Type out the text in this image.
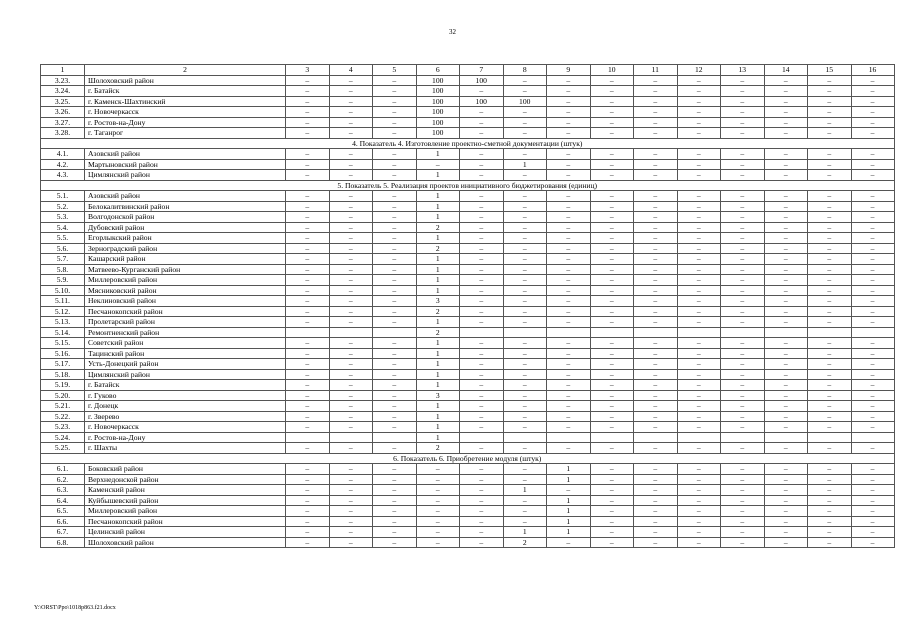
32
1	2	3	4	5	6	7	8	9	10	11	12	13	14	15	16
3.23.	Шолоховский район	–	–	–	100	100	–	–	–	–	–	–	–	–	–
3.24.	г. Батайск	–	–	–	100	–	–	–	–	–	–	–	–	–	–
3.25.	г. Каменск-Шахтинский	–	–	–	100	100	100	–	–	–	–	–	–	–	–
3.26.	г. Новочеркасск	–	–	–	100	–	–	–	–	–	–	–	–	–	–
3.27.	г. Ростов-на-Дону	–	–	–	100	–	–	–	–	–	–	–	–	–	–
3.28.	г. Таганрог	–	–	–	100	–	–	–	–	–	–	–	–	–	–
4. Показатель 4. Изготовление проектно-сметной документации (штук)															
4.1.	Азовский район	–	–	–	1	–	–	–	–	–	–	–	–	–	–
4.2.	Мартыновский район	–	–	–	–	–	1	–	–	–	–	–	–	–	–
4.3.	Цимлянский район	–	–	–	1	–	–	–	–	–	–	–	–	–	–
5. Показатель 5. Реализация проектов инициативного бюджетирования (единиц)															
5.1.	Азовский район	–	–	–	1	–	–	–	–	–	–	–	–	–	–
5.2.	Белокалитвинский район	–	–	–	1	–	–	–	–	–	–	–	–	–	–
5.3.	Волгодонской район	–	–	–	1	–	–	–	–	–	–	–	–	–	–
5.4.	Дубовский район	–	–	–	2	–	–	–	–	–	–	–	–	–	–
5.5.	Егорлыкский район	–	–	–	1	–	–	–	–	–	–	–	–	–	–
5.6.	Зерноградский район	–	–	–	2	–	–	–	–	–	–	–	–	–	–
5.7.	Кашарский район	–	–	–	1	–	–	–	–	–	–	–	–	–	–
5.8.	Матвеево-Курганский район	–	–	–	1	–	–	–	–	–	–	–	–	–	–
5.9.	Миллеровский район	–	–	–	1	–	–	–	–	–	–	–	–	–	–
5.10.	Мясниковский район	–	–	–	1	–	–	–	–	–	–	–	–	–	–
5.11.	Неклиновский район	–	–	–	3	–	–	–	–	–	–	–	–	–	–
5.12.	Песчанокопский район	–	–	–	2	–	–	–	–	–	–	–	–	–	–
5.13.	Пролетарский район	–	–	–	1	–	–	–	–	–	–	–	–	–	–
5.14.	Ремонтненский район				2										
5.15.	Советский район	–	–	–	1	–	–	–	–	–	–	–	–	–	–
5.16.	Тацинский район	–	–	–	1	–	–	–	–	–	–	–	–	–	–
5.17.	Усть-Донецкий район	–	–	–	1	–	–	–	–	–	–	–	–	–	–
5.18.	Цимлянский район	–	–	–	1	–	–	–	–	–	–	–	–	–	–
5.19.	г. Батайск	–	–	–	1	–	–	–	–	–	–	–	–	–	–
5.20.	г. Гуково	–	–	–	3	–	–	–	–	–	–	–	–	–	–
5.21.	г. Донецк	–	–	–	1	–	–	–	–	–	–	–	–	–	–
5.22.	г. Зверево	–	–	–	1	–	–	–	–	–	–	–	–	–	–
5.23.	г. Новочеркасск	–	–	–	1	–	–	–	–	–	–	–	–	–	–
5.24.	г. Ростов-на-Дону				1										
5.25.	г. Шахты	–	–	–	2	–	–	–	–	–	–	–	–	–	–
6. Показатель 6. Приобретение модуля (штук)															
6.1.	Боковский район	–	–	–	–	–	–	1	–	–	–	–	–	–	–
6.2.	Верхнедонской район	–	–	–	–	–	–	1	–	–	–	–	–	–	–
6.3.	Каменский район	–	–	–	–	–	1	–	–	–	–	–	–	–	–
6.4.	Куйбышевский район	–	–	–	–	–	–	1	–	–	–	–	–	–	–
6.5.	Миллеровский район	–	–	–	–	–	–	1	–	–	–	–	–	–	–
6.6.	Песчанокопский район	–	–	–	–	–	–	1	–	–	–	–	–	–	–
6.7.	Целинский район	–	–	–	–	–	1	1	–	–	–	–	–	–	–
6.8.	Шолоховский район	–	–	–	–	–	2	–	–	–	–	–	–	–	–
Y:\ORST\Ppo\1018p863.f21.docx
